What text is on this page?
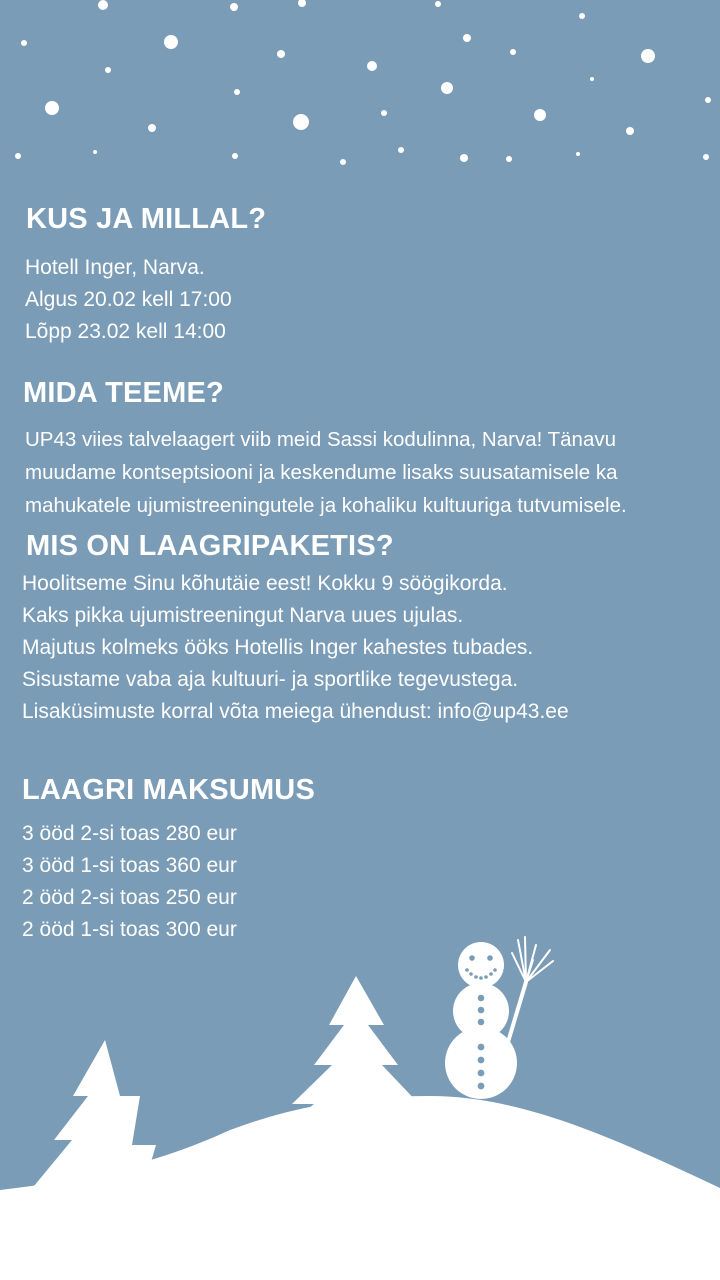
KUS JA MILLAL?
Hotell Inger, Narva.
Algus 20.02 kell 17:00
Lõpp 23.02 kell 14:00
MIDA TEEME?
UP43 viies talvelaagert viib meid Sassi kodulinna, Narva! Tänavu
muudame kontseptsiooni ja keskendume lisaks suusatamisele ka
mahukatele ujumistreeningutele ja kohaliku kultuuriga tutvumisele.
MIS ON LAAGRIPAKETIS?
Hoolitseme Sinu kõhutäie eest! Kokku 9 söögikorda.
Kaks pikka ujumistreeningut Narva uues ujulas.
Majutus kolmeks ööks Hotellis Inger kahestes tubades.
Sisustame vaba aja kultuuri- ja sportlike tegevustega.
Lisaküsimuste korral võta meiega ühendust: info@up43.ee
LAAGRI MAKSUMUS
3 ööd 2-si toas 280 eur
3 ööd 1-si toas 360 eur
2 ööd 2-si toas 250 eur
2 ööd 1-si toas 300 eur
